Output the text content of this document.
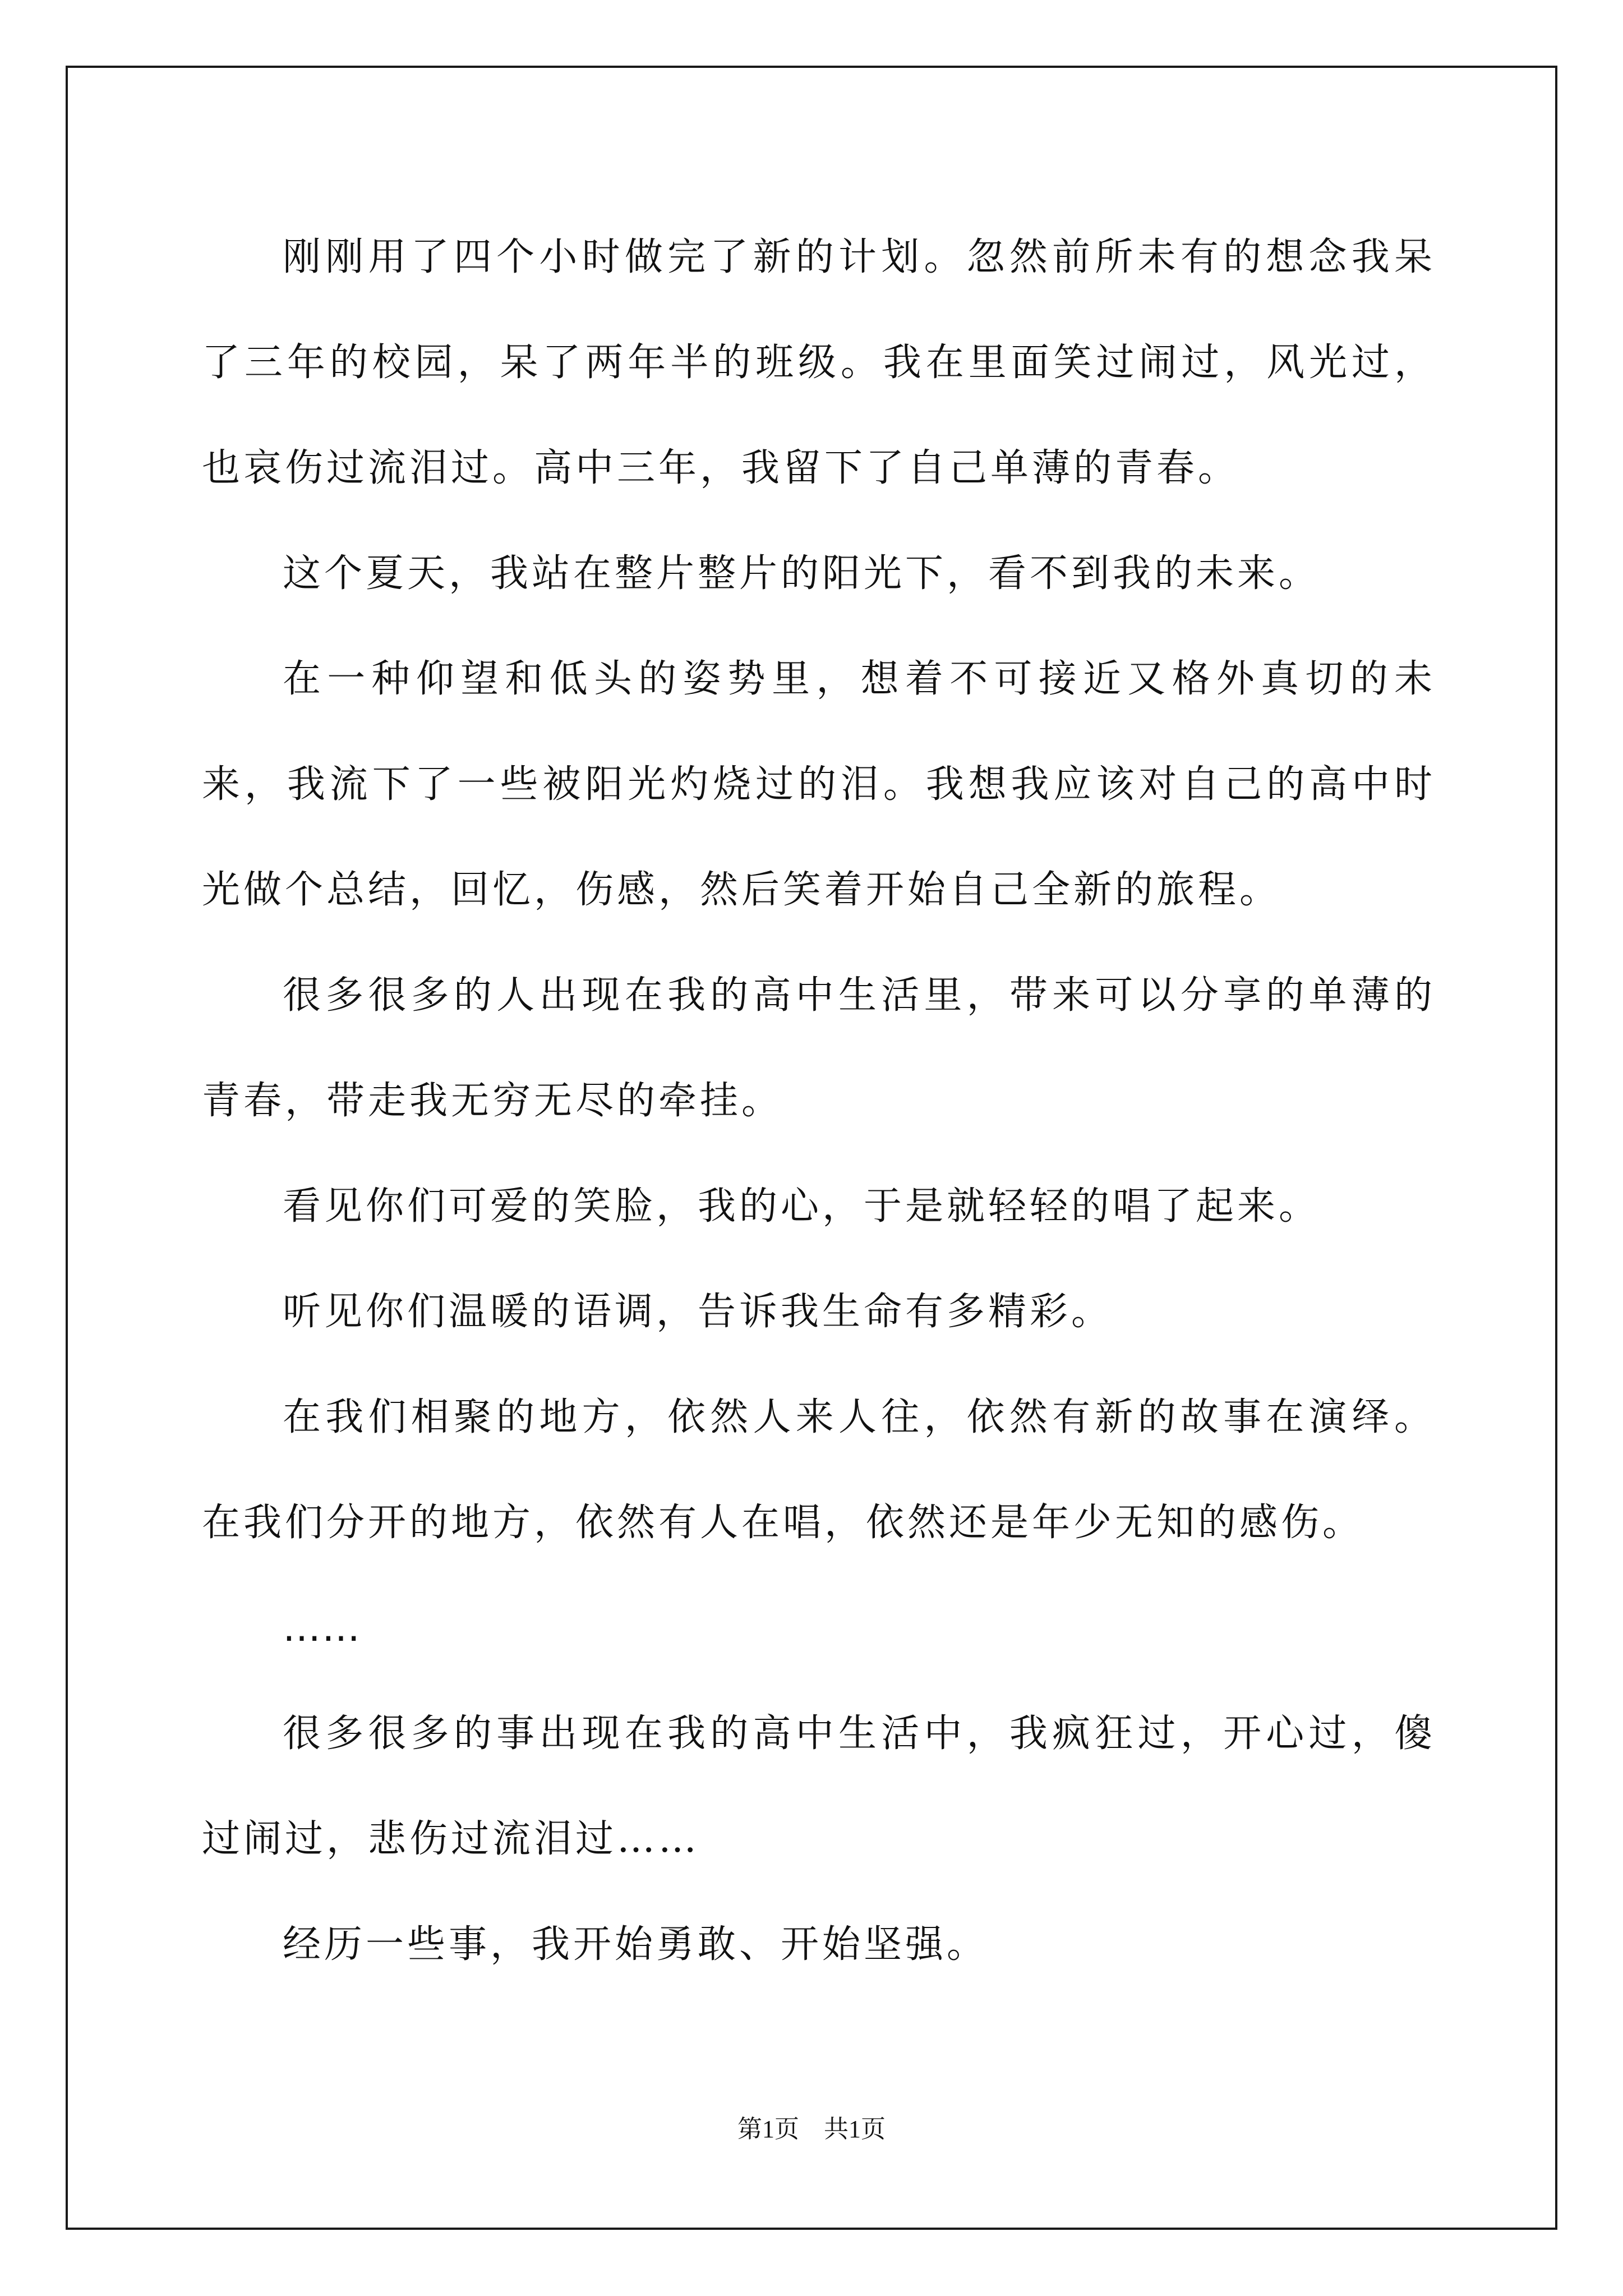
刚刚用了四个小时做完了新的计划。忽然前所未有的想念我呆了三年的校园，呆了两年半的班级。我在里面笑过闹过，风光过，也哀伤过流泪过。高中三年，我留下了自己单薄的青春。

这个夏天，我站在整片整片的阳光下，看不到我的未来。

在一种仰望和低头的姿势里，想着不可接近又格外真切的未来，我流下了一些被阳光灼烧过的泪。我想我应该对自己的高中时光做个总结，回忆，伤感，然后笑着开始自己全新的旅程。

很多很多的人出现在我的高中生活里，带来可以分享的单薄的青春，带走我无穷无尽的牵挂。

看见你们可爱的笑脸，我的心，于是就轻轻的唱了起来。

听见你们温暖的语调，告诉我生命有多精彩。

在我们相聚的地方，依然人来人往，依然有新的故事在演绎。在我们分开的地方，依然有人在唱，依然还是年少无知的感伤。

……

很多很多的事出现在我的高中生活中，我疯狂过，开心过，傻过闹过，悲伤过流泪过……

经历一些事，我开始勇敢、开始坚强。

第1页 共1页
